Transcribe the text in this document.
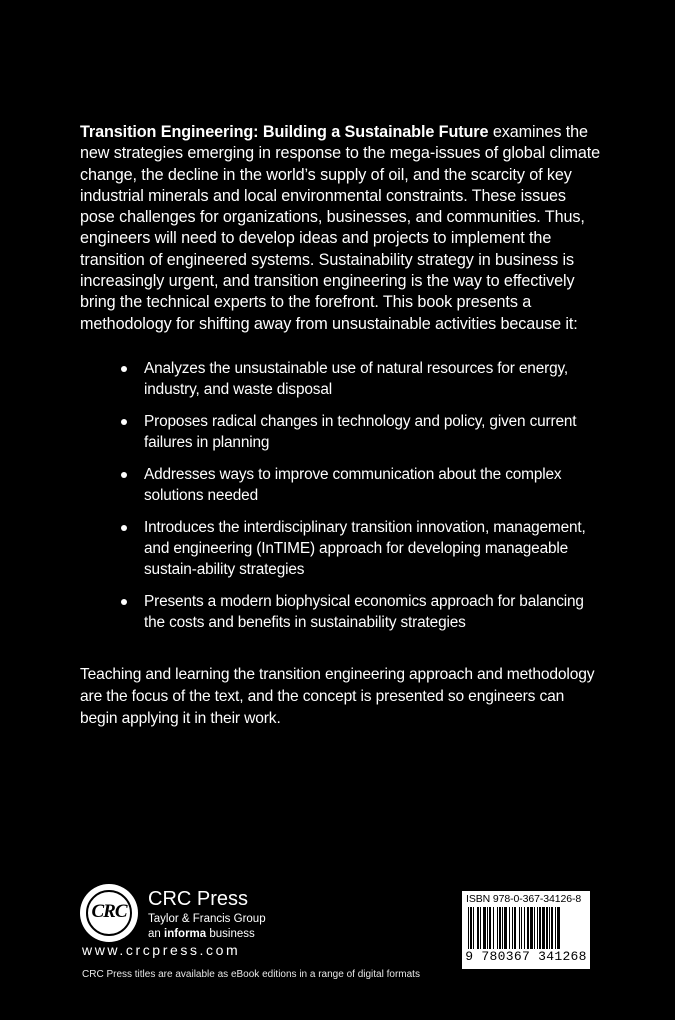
Transition Engineering: Building a Sustainable Future examines the new strategies emerging in response to the mega-issues of global climate change, the decline in the world’s supply of oil, and the scarcity of key industrial minerals and local environmental constraints. These issues pose challenges for organizations, businesses, and communities. Thus, engineers will need to develop ideas and projects to implement the transition of engineered systems. Sustainability strategy in business is increasingly urgent, and transition engineering is the way to effectively bring the technical experts to the forefront. This book presents a methodology for shifting away from unsustainable activities because it:

Analyzes the unsustainable use of natural resources for energy, industry, and waste disposal
Proposes radical changes in technology and policy, given current failures in planning
Addresses ways to improve communication about the complex solutions needed
Introduces the interdisciplinary transition innovation, management, and engineering (InTIME) approach for developing manageable sustain-ability strategies
Presents a modern biophysical economics approach for balancing the costs and benefits in sustainability strategies

Teaching and learning the transition engineering approach and methodology are the focus of the text, and the concept is presented so engineers can begin applying it in their work.

CRC
CRC Press
Taylor & Francis Group
an informa business
www.crcpress.com
CRC Press titles are available as eBook editions in a range of digital formats
ISBN 978-0-367-34126-8
9 780367 341268
